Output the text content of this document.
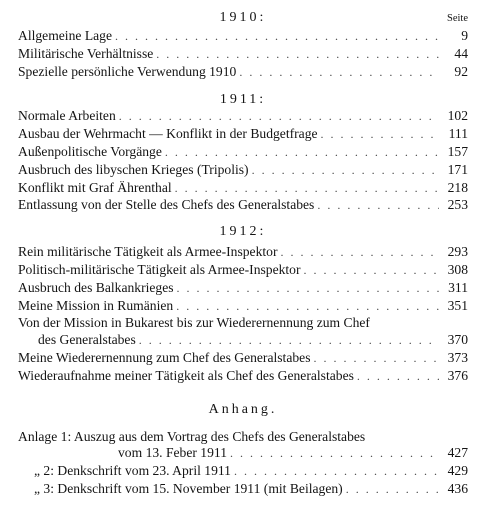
1910:	Seite
Allgemeine Lage . . .	9
Militärische Verhältnisse . . .	44
Spezielle persönliche Verwendung 1910 . . .	92
1911:
Normale Arbeiten . . .	102
Ausbau der Wehrmacht — Konflikt in der Budgetfrage . . .	111
Außenpolitische Vorgänge . . .	157
Ausbruch des libyschen Krieges (Tripolis) . . .	171
Konflikt mit Graf Ährenthal . . .	218
Entlassung von der Stelle des Chefs des Generalstabes . . .	253
1912:
Rein militärische Tätigkeit als Armee-Inspektor . . .	293
Politisch-militärische Tätigkeit als Armee-Inspektor . . .	308
Ausbruch des Balkankrieges . . .	311
Meine Mission in Rumänien . . .	351
Von der Mission in Bukarest bis zur Wiederernennung zum Chef
des Generalstabes . . .	370
Meine Wiederernennung zum Chef des Generalstabes . . .	373
Wiederaufnahme meiner Tätigkeit als Chef des Generalstabes . . .	376
Anhang.
Anlage 1: Auszug aus dem Vortrag des Chefs des Generalstabes
vom 13. Feber 1911 . . .	427
„ 2: Denkschrift vom 23. April 1911 . . .	429
„ 3: Denkschrift vom 15. November 1911 (mit Beilagen) . . .	436
